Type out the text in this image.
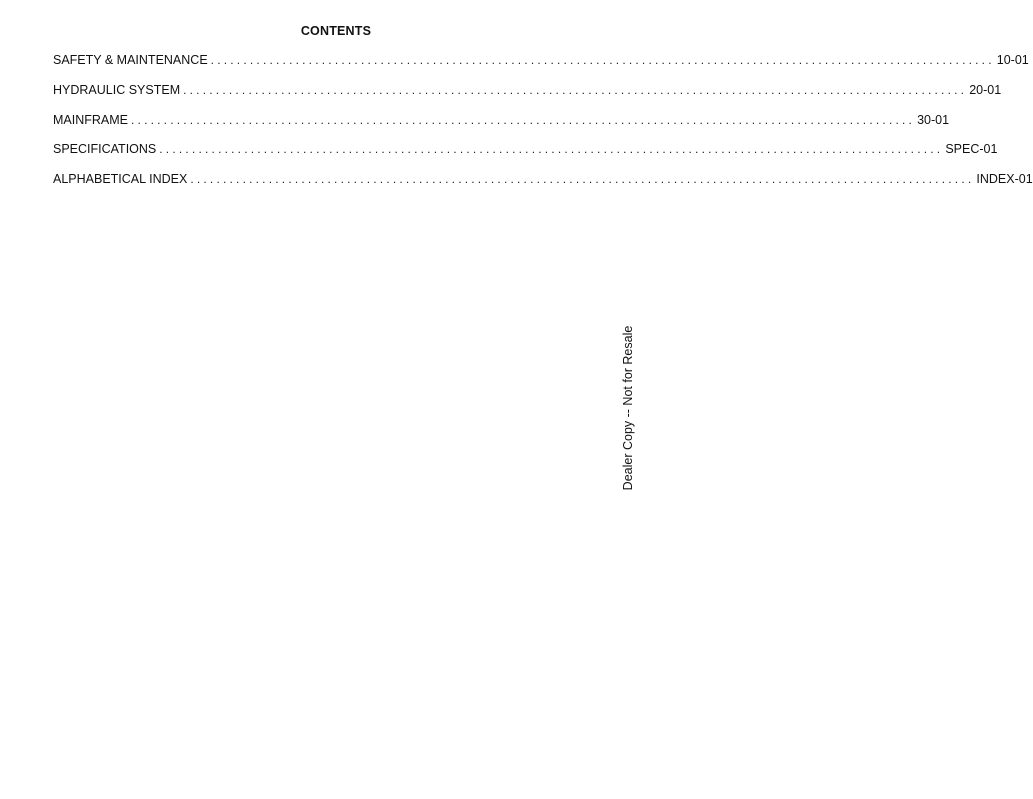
CONTENTS
SAFETY & MAINTENANCE ........................................................................................................................ 10-01
HYDRAULIC SYSTEM ........................................................................................................................ 20-01
MAINFRAME ........................................................................................................................ 30-01
SPECIFICATIONS ........................................................................................................................ SPEC-01
ALPHABETICAL INDEX ........................................................................................................................ INDEX-01
Dealer Copy -- Not for Resale
